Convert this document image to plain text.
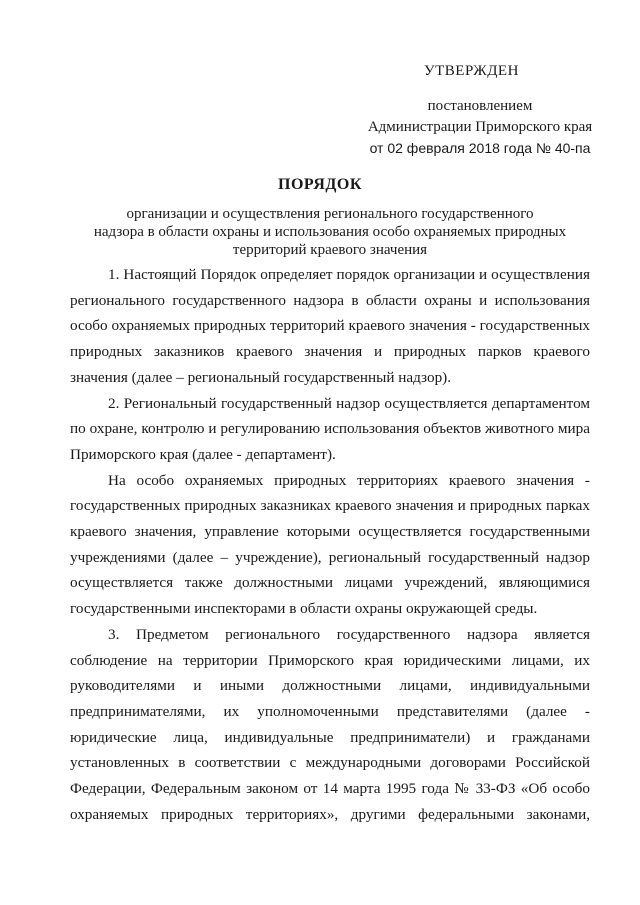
УТВЕРЖДЕН
постановлением
Администрации Приморского края
от 02 февраля 2018 года № 40-па
ПОРЯДОК
организации и осуществления регионального государственного
надзора в области охраны и использования особо охраняемых природных
территорий краевого значения

1. Настоящий Порядок определяет порядок организации и осуществления регионального государственного надзора в области охраны и использования особо охраняемых природных территорий краевого значения - государственных природных заказников краевого значения и природных парков краевого значения (далее – региональный государственный надзор).

2. Региональный государственный надзор осуществляется департаментом по охране, контролю и регулированию использования объектов животного мира Приморского края (далее - департамент).

На особо охраняемых природных территориях краевого значения - государственных природных заказниках краевого значения и природных парках краевого значения, управление которыми осуществляется государственными учреждениями (далее – учреждение), региональный государственный надзор осуществляется также должностными лицами учреждений, являющимися государственными инспекторами в области охраны окружающей среды.

3. Предметом регионального государственного надзора является соблюдение на территории Приморского края юридическими лицами, их руководителями и иными должностными лицами, индивидуальными предпринимателями, их уполномоченными представителями (далее - юридические лица, индивидуальные предприниматели) и гражданами установленных в соответствии с международными договорами Российской Федерации, Федеральным законом от 14 марта 1995 года № 33-ФЗ «Об особо охраняемых природных территориях», другими федеральными законами,
